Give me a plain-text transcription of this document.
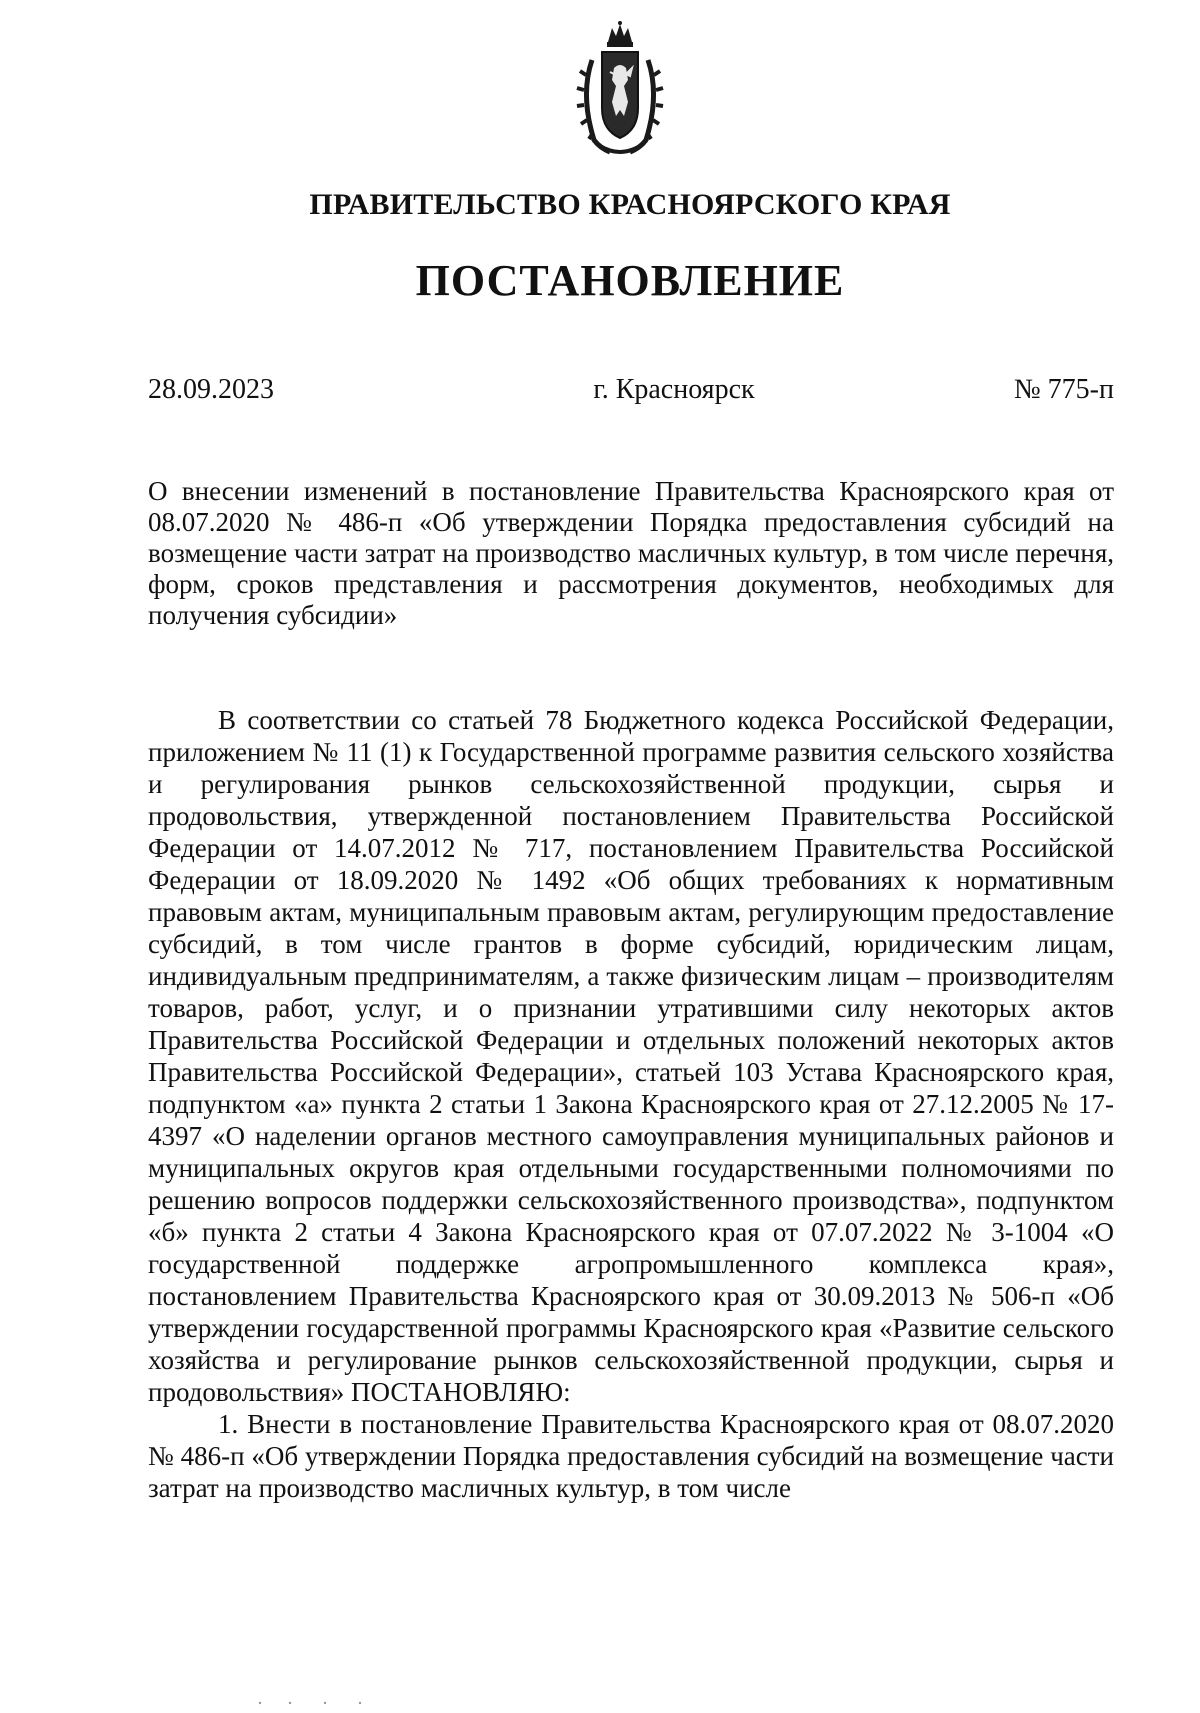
ПРАВИТЕЛЬСТВО КРАСНОЯРСКОГО КРАЯ
ПОСТАНОВЛЕНИЕ
28.09.2023	г. Красноярск	№ 775-п
О внесении изменений в постановление Правительства Красноярского края от 08.07.2020 № 486-п «Об утверждении Порядка предоставления субсидий на возмещение части затрат на производство масличных культур, в том числе перечня, форм, сроков представления и рассмотрения документов, необходимых для получения субсидии»

В соответствии со статьей 78 Бюджетного кодекса Российской Федерации, приложением № 11 (1) к Государственной программе развития сельского хозяйства и регулирования рынков сельскохозяйственной продукции, сырья и продовольствия, утвержденной постановлением Правительства Российской Федерации от 14.07.2012 № 717, постановлением Правительства Российской Федерации от 18.09.2020 № 1492 «Об общих требованиях к нормативным правовым актам, муниципальным правовым актам, регулирующим предоставление субсидий, в том числе грантов в форме субсидий, юридическим лицам, индивидуальным предпринимателям, а также физическим лицам – производителям товаров, работ, услуг, и о признании утратившими силу некоторых актов Правительства Российской Федерации и отдельных положений некоторых актов Правительства Российской Федерации», статьей 103 Устава Красноярского края, подпунктом «а» пункта 2 статьи 1 Закона Красноярского края от 27.12.2005 № 17-4397 «О наделении органов местного самоуправления муниципальных районов и муниципальных округов края отдельными государственными полномочиями по решению вопросов поддержки сельскохозяйственного производства», подпунктом «б» пункта 2 статьи 4 Закона Красноярского края от 07.07.2022 № 3-1004 «О государственной поддержке агропромышленного комплекса края», постановлением Правительства Красноярского края от 30.09.2013 № 506-п «Об утверждении государственной программы Красноярского края «Развитие сельского хозяйства и регулирование рынков сельскохозяйственной продукции, сырья и продовольствия» ПОСТАНОВЛЯЮ:

1. Внести в постановление Правительства Красноярского края от 08.07.2020 № 486-п «Об утверждении Порядка предоставления субсидий на возмещение части затрат на производство масличных культур, в том числе
